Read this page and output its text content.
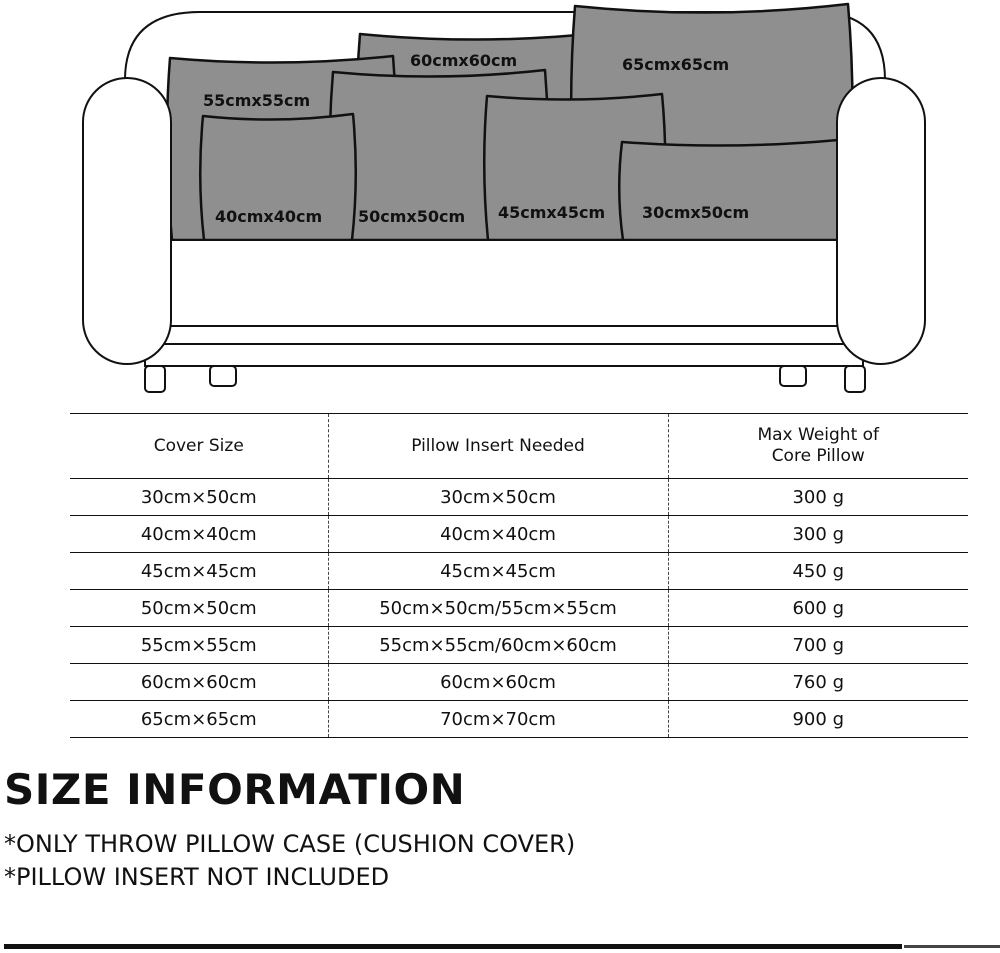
60cmx60cm	65cmx65cm
55cmx55cm
40cmx40cm 50cmx50cm 45cmx45cm 30cmx50cm
Cover Size	Pillow Insert Needed	Max Weight of
Core Pillow
30cm×50cm	30cm×50cm	300 g
40cm×40cm	40cm×40cm	300 g
45cm×45cm	45cm×45cm	450 g
50cm×50cm	50cm×50cm/55cm×55cm	600 g
55cm×55cm	55cm×55cm/60cm×60cm	700 g
60cm×60cm	60cm×60cm	760 g
65cm×65cm	70cm×70cm	900 g
SIZE INFORMATION

*ONLY THROW PILLOW CASE (CUSHION COVER)

*PILLOW INSERT NOT INCLUDED
